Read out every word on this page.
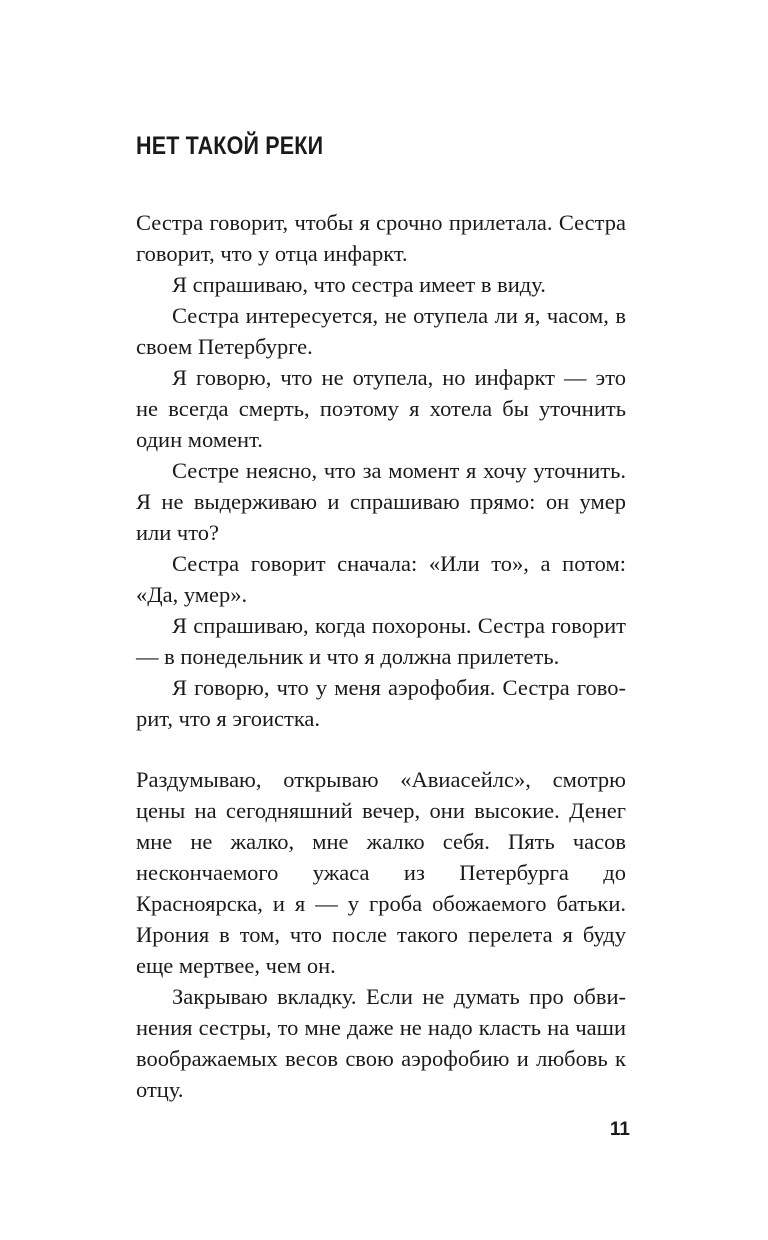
НЕТ ТАКОЙ РЕКИ

Сестра говорит, чтобы я срочно прилетала. Сестра говорит, что у отца инфаркт.

Я спрашиваю, что сестра имеет в виду.

Сестра интересуется, не отупела ли я, часом, в своем Петербурге.

Я говорю, что не отупела, но инфаркт — это не всегда смерть, поэтому я хотела бы уточнить один момент.

Сестре неясно, что за момент я хочу уточнить. Я не выдерживаю и спрашиваю прямо: он умер или что?

Сестра говорит сначала: «Или то», а потом: «Да, умер».

Я спрашиваю, когда похороны. Сестра говорит — в понедельник и что я должна прилететь.

Я говорю, что у меня аэрофобия. Сестра говорит, что я эгоистка.

Раздумываю, открываю «Авиасейлс», смотрю цены на сегодняшний вечер, они высокие. Денег мне не жалко, мне жалко себя. Пять часов нескончаемого ужаса из Петербурга до Красноярска, и я — у гроба обожаемого батьки. Ирония в том, что после такого перелета я буду еще мертвее, чем он.

Закрываю вкладку. Если не думать про обвинения сестры, то мне даже не надо класть на чаши воображаемых весов свою аэрофобию и любовь к отцу.

11
